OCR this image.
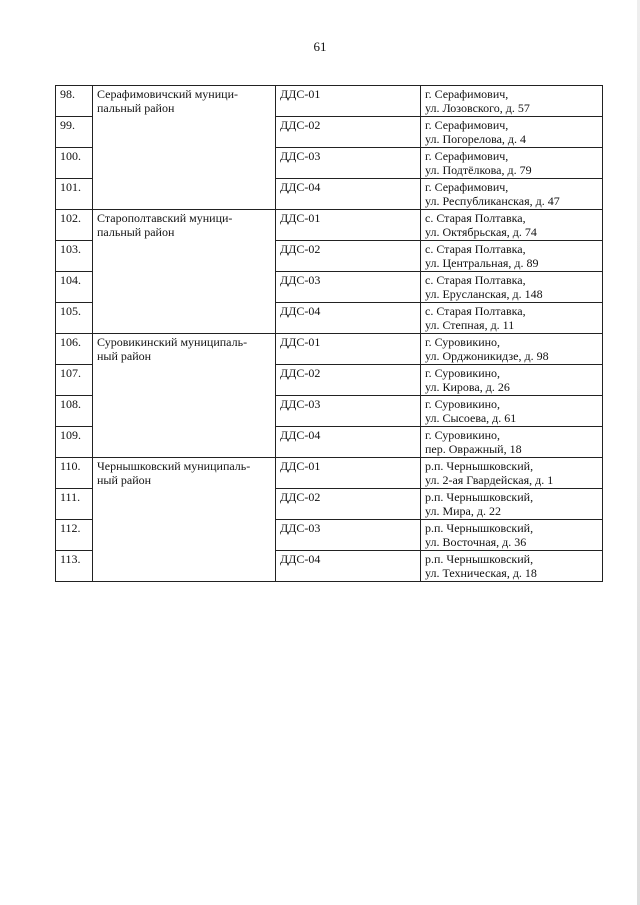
61
98.	Серафимовичский муници-
пальный район	ДДС-01	г. Серафимович,
ул. Лозовского, д. 57

99.		ДДС-02	г. Серафимович,
ул. Погорелова, д. 4

100.		ДДС-03	г. Серафимович,
ул. Подтёлкова, д. 79

101.		ДДС-04	г. Серафимович,
ул. Республиканская, д. 47

102.	Старополтавский муници-
пальный район	ДДС-01	с. Старая Полтавка,
ул. Октябрьская, д. 74

103.		ДДС-02	с. Старая Полтавка,
ул. Центральная, д. 89

104.		ДДС-03	с. Старая Полтавка,
ул. Ерусланская, д. 148

105.		ДДС-04	с. Старая Полтавка,
ул. Степная, д. 11

106.	Суровикинский муниципаль-
ный район	ДДС-01	г. Суровикино,
ул. Орджоникидзе, д. 98

107.		ДДС-02	г. Суровикино,
ул. Кирова, д. 26

108.		ДДС-03	г. Суровикино,
ул. Сысоева, д. 61

109.		ДДС-04	г. Суровикино,
пер. Овражный, 18

110.	Чернышковский муниципаль-
ный район	ДДС-01	р.п. Чернышковский,
ул. 2-ая Гвардейская, д. 1

111.		ДДС-02	р.п. Чернышковский,
ул. Мира, д. 22

112.		ДДС-03	р.п. Чернышковский,
ул. Восточная, д. 36

113.		ДДС-04	р.п. Чернышковский,
ул. Техническая, д. 18
